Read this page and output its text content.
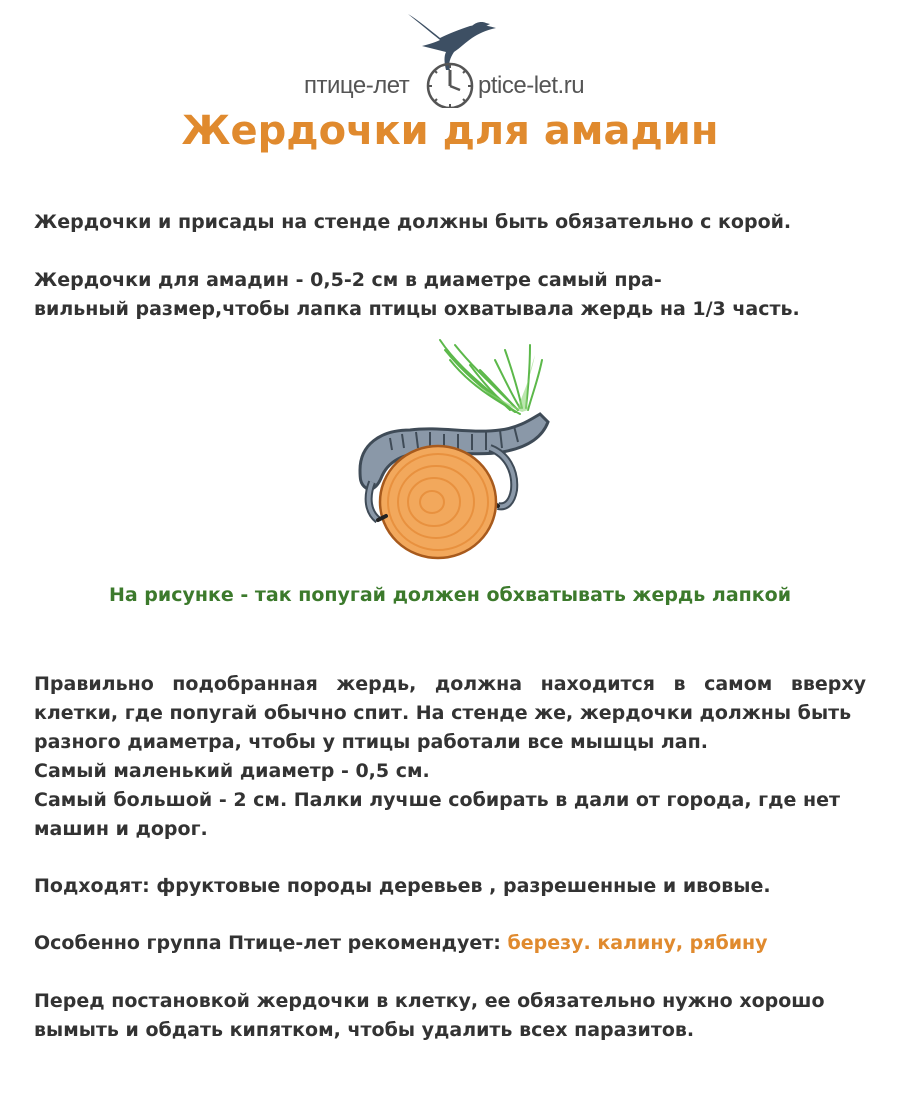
птице-лет	ptice-let.ru
Жердочки для амадин

Жердочки и присады на стенде должны быть обязательно с корой.

Жердочки для амадин - 0,5-2 см в диаметре самый пра-
вильный размер,чтобы лапка птицы охватывала жердь на 1/3 часть.

На рисунке - так попугай должен обхватывать жердь лапкой

Правильно подобранная жердь, должна находится в самом вверху
клетки, где попугай обычно спит. На стенде же, жердочки должны быть
разного диаметра, чтобы у птицы работали все мышцы лап.
Самый маленький диаметр - 0,5 см.
Самый большой - 2 см. Палки лучше собирать в дали от города, где нет
машин и дорог.

Подходят: фруктовые породы деревьев , разрешенные и ивовые.

Особенно группа Птице-лет рекомендует: березу. калину, рябину

Перед постановкой жердочки в клетку, ее обязательно нужно хорошо
вымыть и обдать кипятком, чтобы удалить всех паразитов.
